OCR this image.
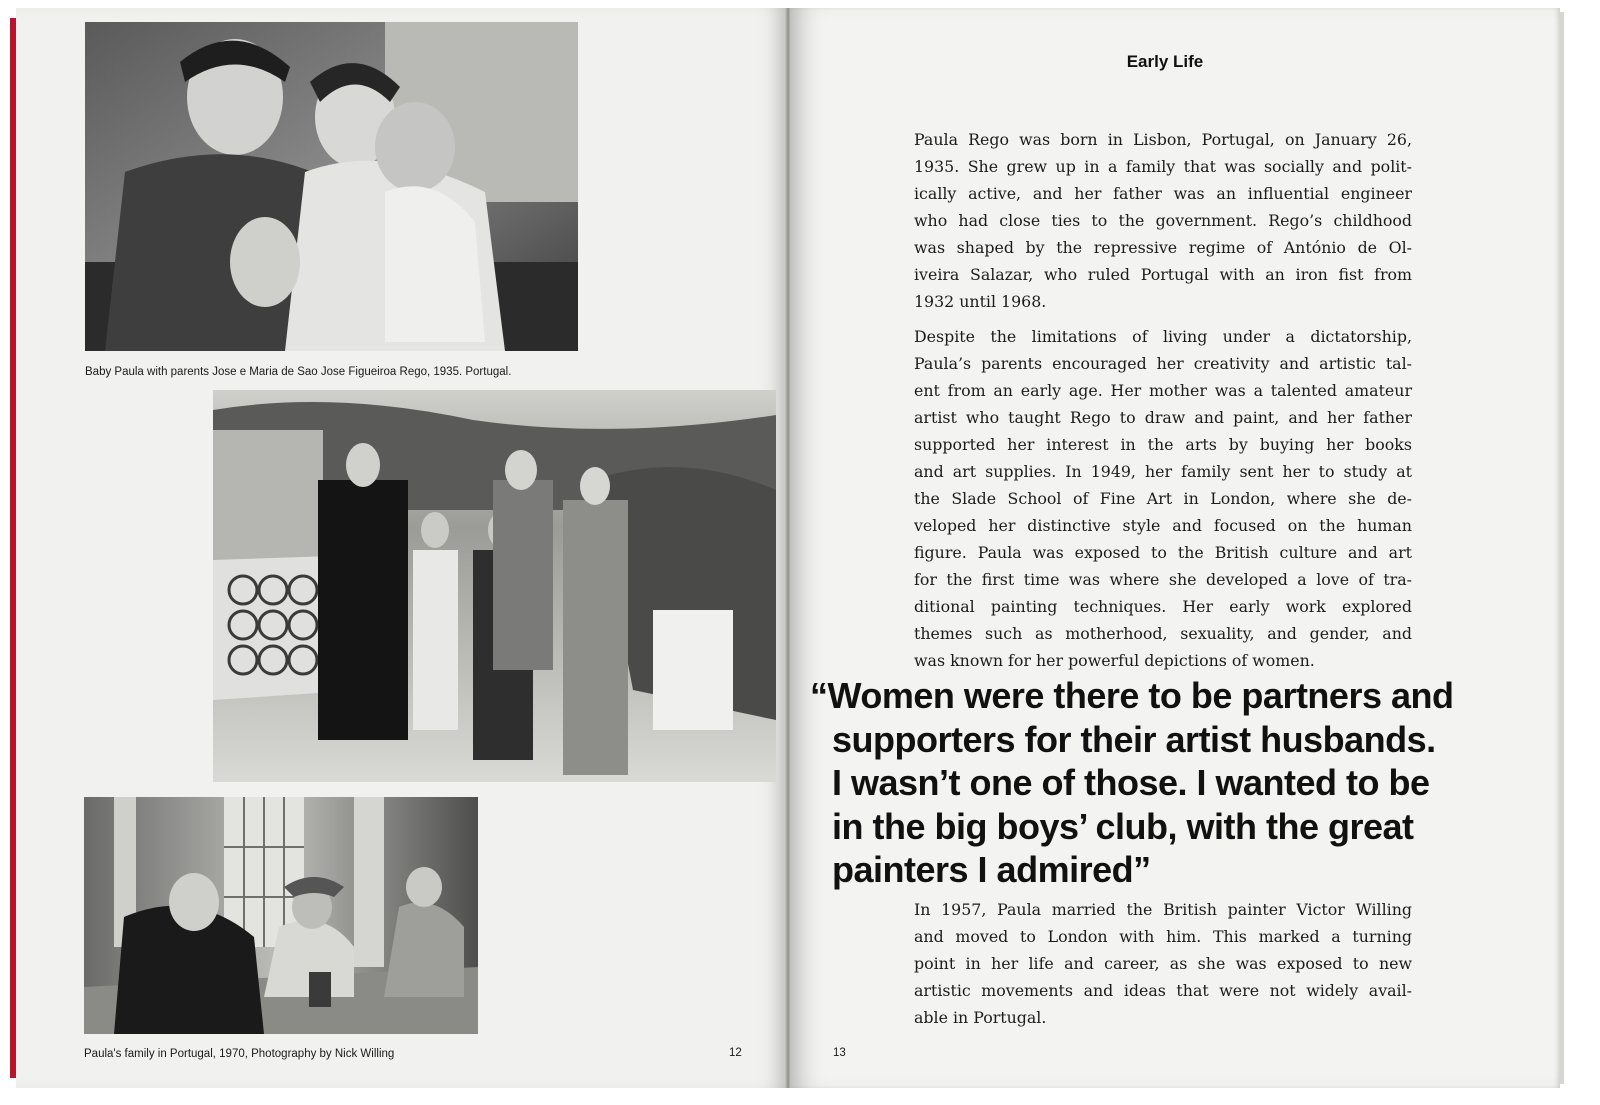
Baby Paula with parents Jose e Maria de Sao Jose Figueiroa Rego, 1935. Portugal.
Paula's family in Portugal, 1970, Photography by Nick Willing	12	13
Early Life
Paula Rego was born in Lisbon, Portugal, on January 26,
1935. She grew up in a family that was socially and polit-
ically active, and her father was an influential engineer
who had close ties to the government. Rego’s childhood
was shaped by the repressive regime of António de Ol-
iveira Salazar, who ruled Portugal with an iron fist from
1932 until 1968.
Despite the limitations of living under a dictatorship,
Paula’s parents encouraged her creativity and artistic tal-
ent from an early age. Her mother was a talented amateur
artist who taught Rego to draw and paint, and her father
supported her interest in the arts by buying her books
and art supplies. In 1949, her family sent her to study at
the Slade School of Fine Art in London, where she de-
veloped her distinctive style and focused on the human
figure. Paula was exposed to the British culture and art
for the first time was where she developed a love of tra-
ditional painting techniques. Her early work explored
themes such as motherhood, sexuality, and gender, and
was known for her powerful depictions of women.
“Women were there to be partners and
supporters for their artist husbands.
I wasn’t one of those. I wanted to be
in the big boys’ club, with the great
painters I admired”
In 1957, Paula married the British painter Victor Willing
and moved to London with him. This marked a turning
point in her life and career, as she was exposed to new
artistic movements and ideas that were not widely avail-
able in Portugal.
